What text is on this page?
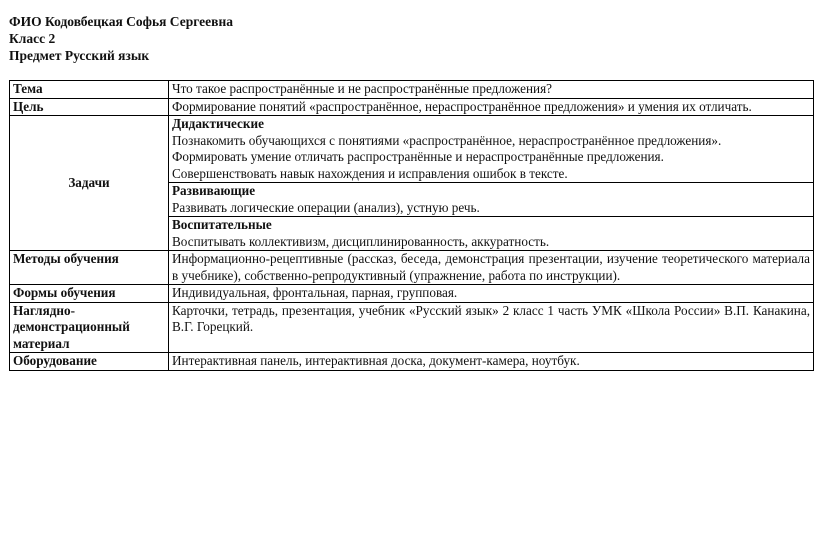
ФИО Кодовбецкая Софья Сергеевна
Класс 2
Предмет Русский язык
Тема	Что такое распространённые и не распространённые предложения?
Цель	Формирование понятий «распространённое, нераспространённое предложения» и умения их отличать.
Задачи	Дидактические
Познакомить обучающихся с понятиями «распространённое, нераспространённое предложения».
Формировать умение отличать распространённые и нераспространённые предложения.
Совершенствовать навык нахождения и исправления ошибок в тексте.

	Развивающие
Развивать логические операции (анализ), устную речь.

	Воспитательные
Воспитывать коллективизм, дисциплинированность, аккуратность.

Методы обучения	Информационно-рецептивные (рассказ, беседа, демонстрация презентации, изучение теоретического материала в учебнике), собственно-репродуктивный (упражнение, работа по инструкции).
Формы обучения	Индивидуальная, фронтальная, парная, групповая.
Наглядно-демонстрационный материал	Карточки, тетрадь, презентация, учебник «Русский язык» 2 класс 1 часть УМК «Школа России» В.П. Канакина, В.Г. Горецкий.
Оборудование	Интерактивная панель, интерактивная доска, документ-камера, ноутбук.
